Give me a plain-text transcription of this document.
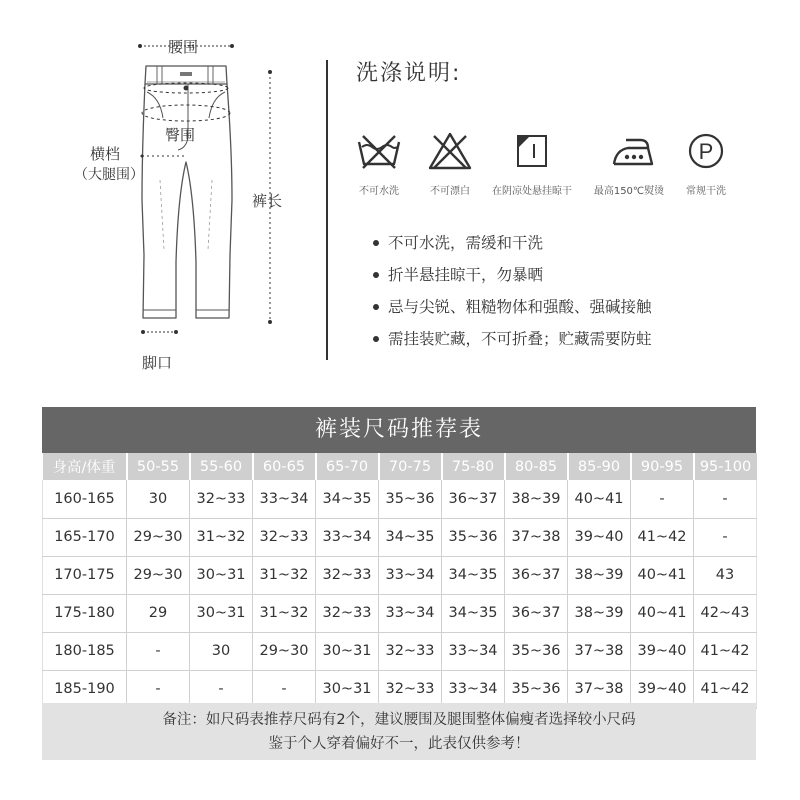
腰围
臀围
横档
（大腿围）
裤长
脚口
洗涤说明:
P
不可水洗	不可漂白 在阴凉处悬挂晾干 最高150℃熨烫 常规干洗
不可水洗，需缓和干洗
折半悬挂晾干，勿暴晒
忌与尖锐、粗糙物体和强酸、强碱接触
需挂装贮藏，不可折叠；贮藏需要防蛀
裤装尺码推荐表
身高/体重	50-55	55-60	60-65	65-70	70-75	75-80	80-85	85-90	90-95	95-100
160-165	30	32~33	33~34	34~35	35~36	36~37	38~39	40~41	-	-
165-170	29~30	31~32	32~33	33~34	34~35	35~36	37~38	39~40	41~42	-
170-175	29~30	30~31	31~32	32~33	33~34	34~35	36~37	38~39	40~41	43
175-180	29	30~31	31~32	32~33	33~34	34~35	36~37	38~39	40~41	42~43
180-185	-	30	29~30	30~31	32~33	33~34	35~36	37~38	39~40	41~42
185-190	-	-	-	30~31	32~33	33~34	35~36	37~38	39~40	41~42
备注：如尺码表推荐尺码有2个，建议腰围及腿围整体偏瘦者选择较小尺码
鉴于个人穿着偏好不一，此表仅供参考！
